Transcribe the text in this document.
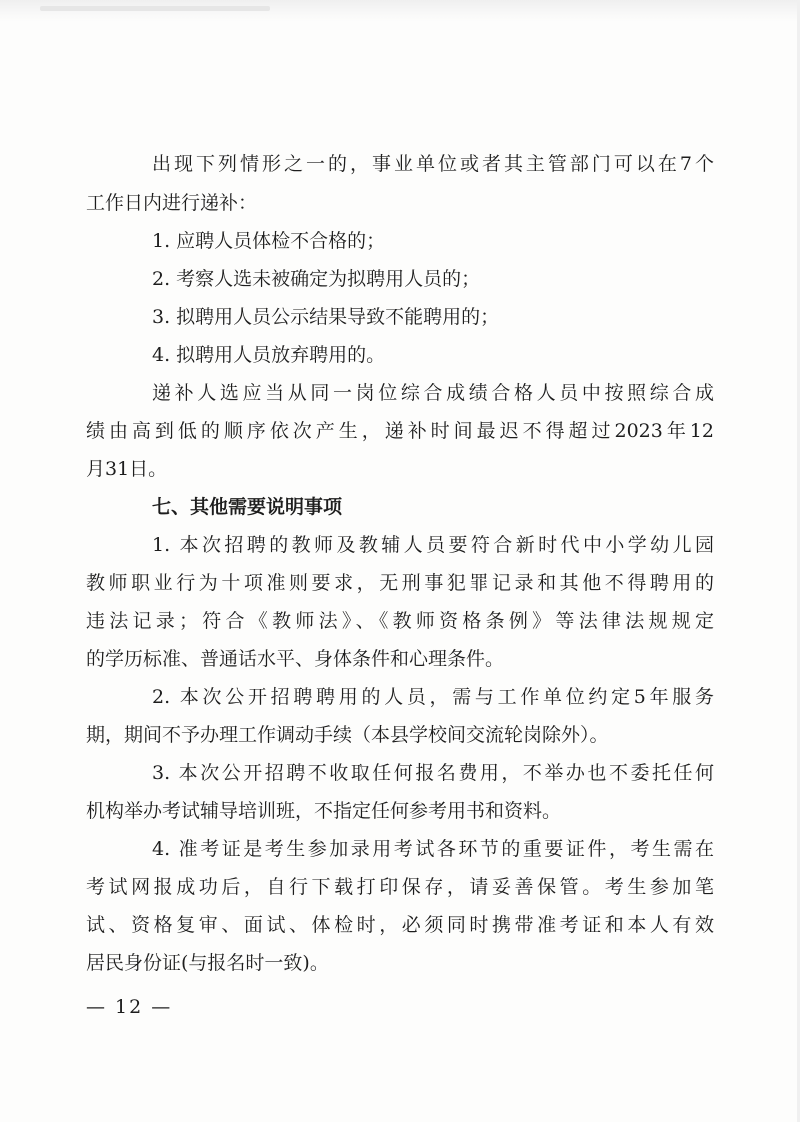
出现下列情形之一的，事业单位或者其主管部门可以在7个

工作日内进行递补：

1. 应聘人员体检不合格的；

2. 考察人选未被确定为拟聘用人员的；

3. 拟聘用人员公示结果导致不能聘用的；

4. 拟聘用人员放弃聘用的。

递补人选应当从同一岗位综合成绩合格人员中按照综合成

绩由高到低的顺序依次产生，递补时间最迟不得超过2023年12

月31日。

七、其他需要说明事项

1. 本次招聘的教师及教辅人员要符合新时代中小学幼儿园

教师职业行为十项准则要求，无刑事犯罪记录和其他不得聘用的

违法记录；符合《教师法》、《教师资格条例》等法律法规规定

的学历标准、普通话水平、身体条件和心理条件。

2. 本次公开招聘聘用的人员，需与工作单位约定5年服务

期，期间不予办理工作调动手续（本县学校间交流轮岗除外）。

3. 本次公开招聘不收取任何报名费用，不举办也不委托任何

机构举办考试辅导培训班，不指定任何参考用书和资料。

4. 准考证是考生参加录用考试各环节的重要证件，考生需在

考试网报成功后，自行下载打印保存，请妥善保管。考生参加笔

试、资格复审、面试、体检时，必须同时携带准考证和本人有效

居民身份证(与报名时一致)。

— 12 —
